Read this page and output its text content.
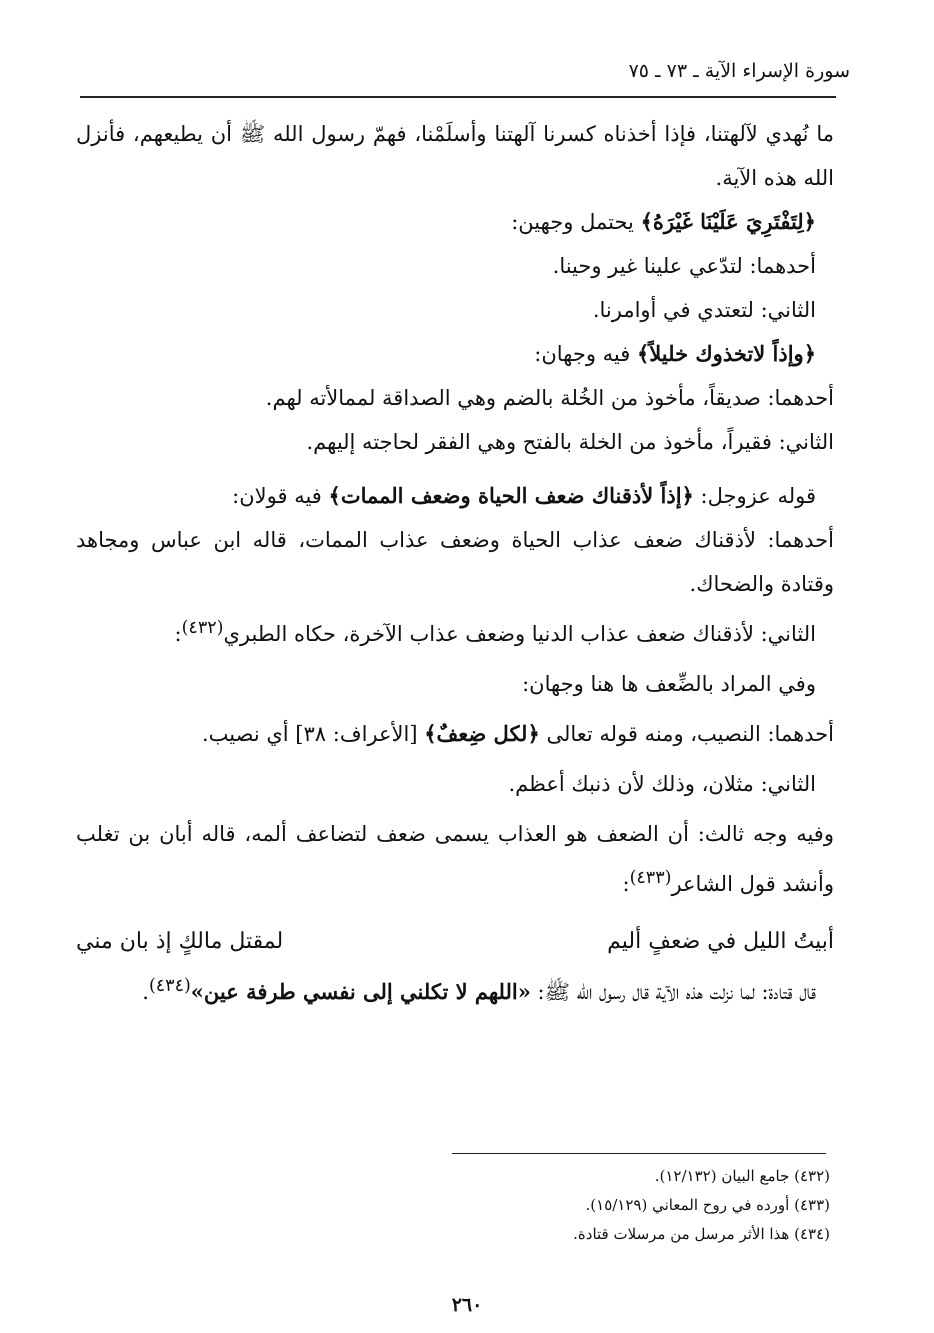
سورة الإسراء الآية ـ ٧٣ ـ ٧٥

ما نُهدي لآلهتنا، فإذا أخذناه كسرنا آلهتنا وأسلَمْنا، فهمّ رسول الله ﷺ أن يطيعهم، فأنزل الله هذه الآية.

﴿لِتَفْتَرِيَ عَلَيْنَا غَيْرَهُ﴾ يحتمل وجهين:

أحدهما: لتدّعي علينا غير وحينا.

الثاني: لتعتدي في أوامرنا.

﴿وإذاً لاتخذوك خليلاً﴾ فيه وجهان:

أحدهما: صديقاً، مأخوذ من الخُلة بالضم وهي الصداقة لممالأته لهم.

الثاني: فقيراً، مأخوذ من الخلة بالفتح وهي الفقر لحاجته إليهم.

قوله عزوجل: ﴿إذاً لأذقناك ضعف الحياة وضعف الممات﴾ فيه قولان:

أحدهما: لأذقناك ضعف عذاب الحياة وضعف عذاب الممات، قاله ابن عباس ومجاهد وقتادة والضحاك.

الثاني: لأذقناك ضعف عذاب الدنيا وضعف عذاب الآخرة، حكاه الطبري$^{(٤٣٢)}$:

وفي المراد بالضِّعف ها هنا وجهان:

أحدهما: النصيب، ومنه قوله تعالى ﴿لكل ضِعفٌ﴾ [الأعراف: ٣٨] أي نصيب.

الثاني: مثلان، وذلك لأن ذنبك أعظم.

وفيه وجه ثالث: أن الضعف هو العذاب يسمى ضعف لتضاعف ألمه، قاله أبان بن تغلب وأنشد قول الشاعر$^{(٤٣٣)}$:

أبيتُ الليل في ضعفٍ أليم
لمقتل مالكٍ إذ بان مني

قال قتادة: لما نزلت هذه الآية قال رسول الله ﷺ: «اللهم لا تكلني إلى نفسي طرفة عين»$^{(٤٣٤)}$.

(٤٣٢) جامع البيان (١٢/١٣٢).
(٤٣٣) أورده في روح المعاني (١٥/١٢٩).
(٤٣٤) هذا الأثر مرسل من مرسلات قتادة.
٢٦٠
